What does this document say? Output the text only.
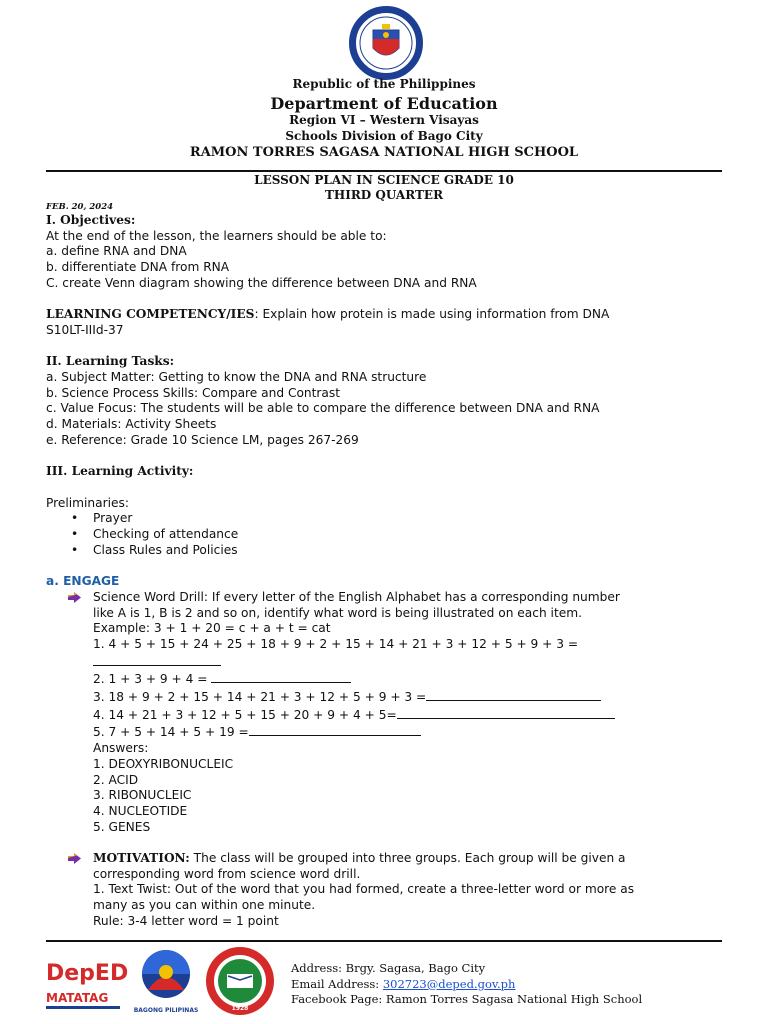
Republic of the Philippines
Department of Education
Region VI – Western Visayas
Schools Division of Bago City
RAMON TORRES SAGASA NATIONAL HIGH SCHOOL
LESSON PLAN IN SCIENCE GRADE 10
THIRD QUARTER
FEB. 20, 2024
I. Objectives:
At the end of the lesson, the learners should be able to:
a. define RNA and DNA
b. differentiate DNA from RNA
C. create Venn diagram showing the difference between DNA and RNA
LEARNING COMPETENCY/IES: Explain how protein is made using information from DNA
S10LT-IIId-37
II. Learning Tasks:
a. Subject Matter: Getting to know the DNA and RNA structure
b. Science Process Skills: Compare and Contrast
c. Value Focus: The students will be able to compare the difference between DNA and RNA
d. Materials: Activity Sheets
e. Reference: Grade 10 Science LM, pages 267-269
III. Learning Activity:
Preliminaries:
• Prayer
• Checking of attendance
• Class Rules and Policies
a. ENGAGE
Science Word Drill: If every letter of the English Alphabet has a corresponding number
like A is 1, B is 2 and so on, identify what word is being illustrated on each item.
Example: 3 + 1 + 20 = c + a + t = cat
1. 4 + 5 + 15 + 24 + 25 + 18 + 9 + 2 + 15 + 14 + 21 + 3 + 12 + 5 + 9 + 3 =
2. 1 + 3 + 9 + 4 =
3. 18 + 9 + 2 + 15 + 14 + 21 + 3 + 12 + 5 + 9 + 3 =
4. 14 + 21 + 3 + 12 + 5 + 15 + 20 + 9 + 4 + 5=
5. 7 + 5 + 14 + 5 + 19 =
Answers:
1. DEOXYRIBONUCLEIC
2. ACID
3. RIBONUCLEIC
4. NUCLEOTIDE
5. GENES
MOTIVATION: The class will be grouped into three groups. Each group will be given a
corresponding word from science word drill.
1. Text Twist: Out of the word that you had formed, create a three-letter word or more as
many as you can within one minute.
Rule: 3-4 letter word = 1 point
DepED
MATATAG
BAGONG PILIPINAS	1928
Address: Brgy. Sagasa, Bago City
Email Address: 302723@deped.gov.ph
Facebook Page: Ramon Torres Sagasa National High School
